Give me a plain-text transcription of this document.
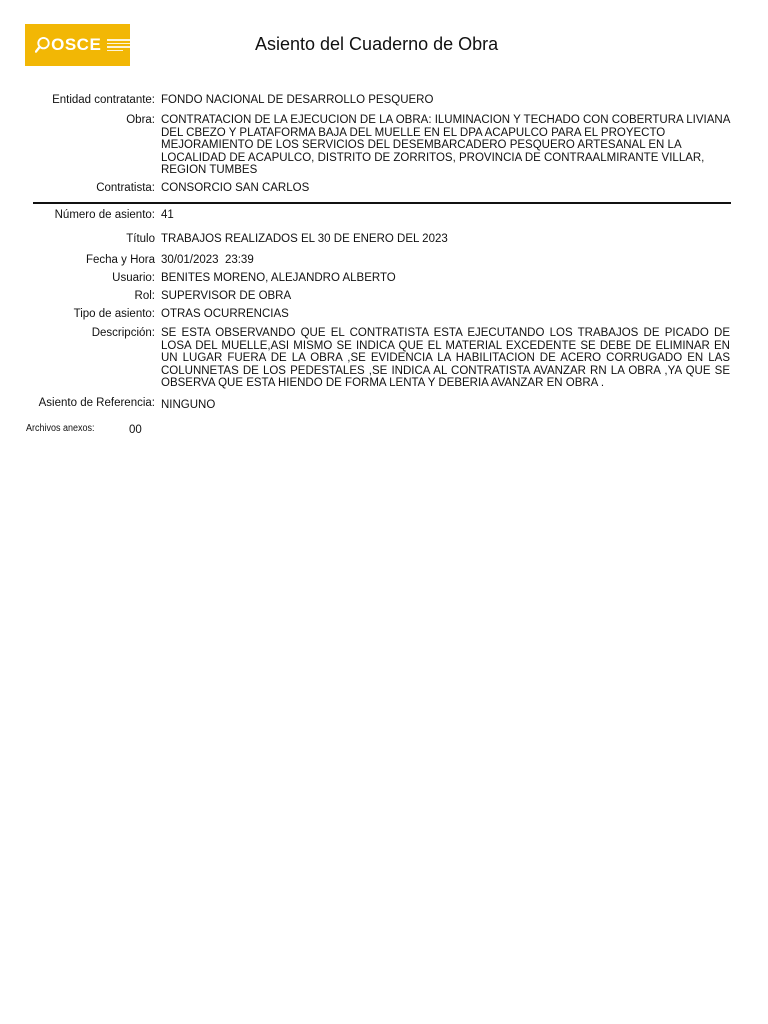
OSCE	Asiento del Cuaderno de Obra
Entidad contratante: FONDO NACIONAL DE DESARROLLO PESQUERO
Obra: CONTRATACION DE LA EJECUCION DE LA OBRA: ILUMINACION Y TECHADO CON COBERTURA LIVIANA DEL CBEZO Y PLATAFORMA BAJA DEL MUELLE EN EL DPA ACAPULCO PARA EL PROYECTO MEJORAMIENTO DE LOS SERVICIOS DEL DESEMBARCADERO PESQUERO ARTESANAL EN LA LOCALIDAD DE ACAPULCO, DISTRITO DE ZORRITOS, PROVINCIA DE CONTRAALMIRANTE VILLAR, REGION TUMBES
Contratista: CONSORCIO SAN CARLOS
Número de asiento: 41
Título TRABAJOS REALIZADOS EL 30 DE ENERO DEL 2023
Fecha y Hora 30/01/2023  23:39
Usuario: BENITES MORENO, ALEJANDRO ALBERTO
Rol: SUPERVISOR DE OBRA
Tipo de asiento: OTRAS OCURRENCIAS
Descripción: SE ESTA OBSERVANDO QUE EL CONTRATISTA ESTA EJECUTANDO LOS TRABAJOS DE PICADO DE LOSA DEL MUELLE,ASI MISMO SE INDICA QUE EL MATERIAL EXCEDENTE SE DEBE DE ELIMINAR EN UN LUGAR FUERA DE LA OBRA ,SE EVIDENCIA LA HABILITACION DE ACERO CORRUGADO EN LAS COLUNNETAS DE LOS PEDESTALES ,SE INDICA AL CONTRATISTA AVANZAR RN LA OBRA ,YA QUE SE OBSERVA QUE ESTA HIENDO DE FORMA LENTA Y DEBERIA AVANZAR EN OBRA .
Asiento de Referencia: NINGUNO
Archivos anexos:	00
